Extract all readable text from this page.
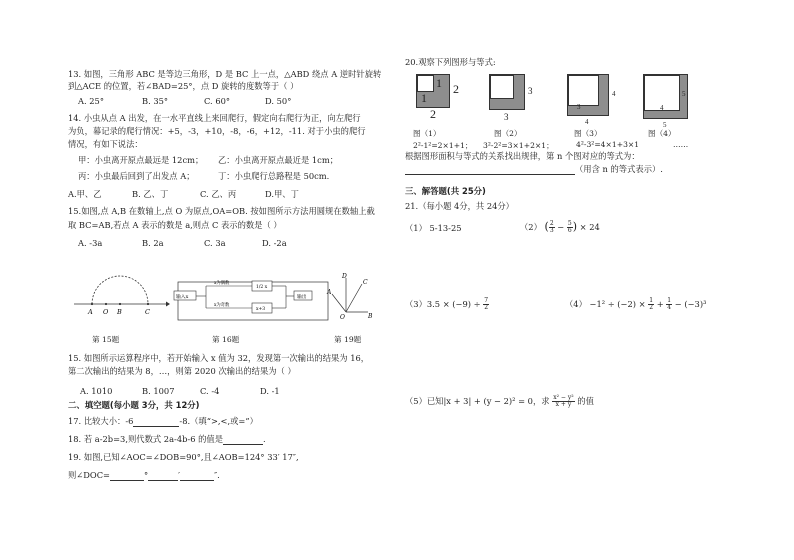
13. 如图，三角形 ABC 是等边三角形，D 是 BC 上一点，△ABD 绕点 A 逆时针旋转
到△ACE 的位置，若∠BAD=25°，点 D 旋转的度数等于（ ）
A. 25°	B. 35°	C. 60°	D. 50°
14. 小虫从点 A 出发，在一水平直线上来回爬行，假定向右爬行为正，向左爬行
为负，幕记录的爬行情况：+5，-3，+10，-8，-6，+12，-11. 对于小虫的爬行
情况，有如下说法：
甲：小虫离开原点最远是 12cm； 乙：小虫离开原点最近是 1cm；
丙：小虫最后回到了出发点 A；	丁：小虫爬行总路程是 50cm.
A.甲、乙	B. 乙、丁	C. 乙、丙	D.甲、丁
15.如图,点 A,B 在数轴上,点 O 为原点,OA=OB. 按如图所示方法用圆规在数轴上截
取 BC=AB,若点 A 表示的数是 a,则点 C 表示的数是（ ）
A. -3a	B. 2a	C. 3a	D. -2a
A O B	C
输入x
x为偶数
x为奇数
1/2 x
x+3
输出
D
C
A
O	B
第 15题	第 16题	第 19题
15. 如图所示运算程序中，若开始输入 x 值为 32，发现第一次输出的结果为 16，
第二次输出的结果为 8，…，则第 2020 次输出的结果为（ ）
A. 1010	B. 1007	C. -4	D. -1
二、填空题(每小题 3分，共 12分)
17. 比较大小：-6	-8.（填“>,<,或=”）
18. 若 a-2b=3,则代数式 2a-4b-6 的值是	.
19. 如图,已知∠AOC=∠DOB=90°,且∠AOB=124° 33′ 17″,
则∠DOC=	°	′	″.
20.观察下列图形与等式:
1
1
2
2
3
3
3
4
4
4
5
5
图（1）	图（2）	图（3）	图（4）
2²-1²=2×1+1； 3²-2²=3×1+2×1；	4²-3²=4×1+3×1	……
根据图形面积与等式的关系找出规律，第 n 个图对应的等式为：
（用含 n 的等式表示）.
三、解答题(共 25分)
21.（每小题 4分，共 24分）
（1） 5-13-25	（2） ( $\frac{2}{3} - \frac{5}{6}$ ) × 24
$(3)3.5 \times (-9) \div \frac{7}{2}$	$(4) -1^2 \div (-2) \times \frac{1}{2} + \frac{1}{4} - (-3)^3$
（5）已知|x + 3| + (y − 2)² = 0，求 $\frac{\text{x² − y²}}{x + y}$ 的值
